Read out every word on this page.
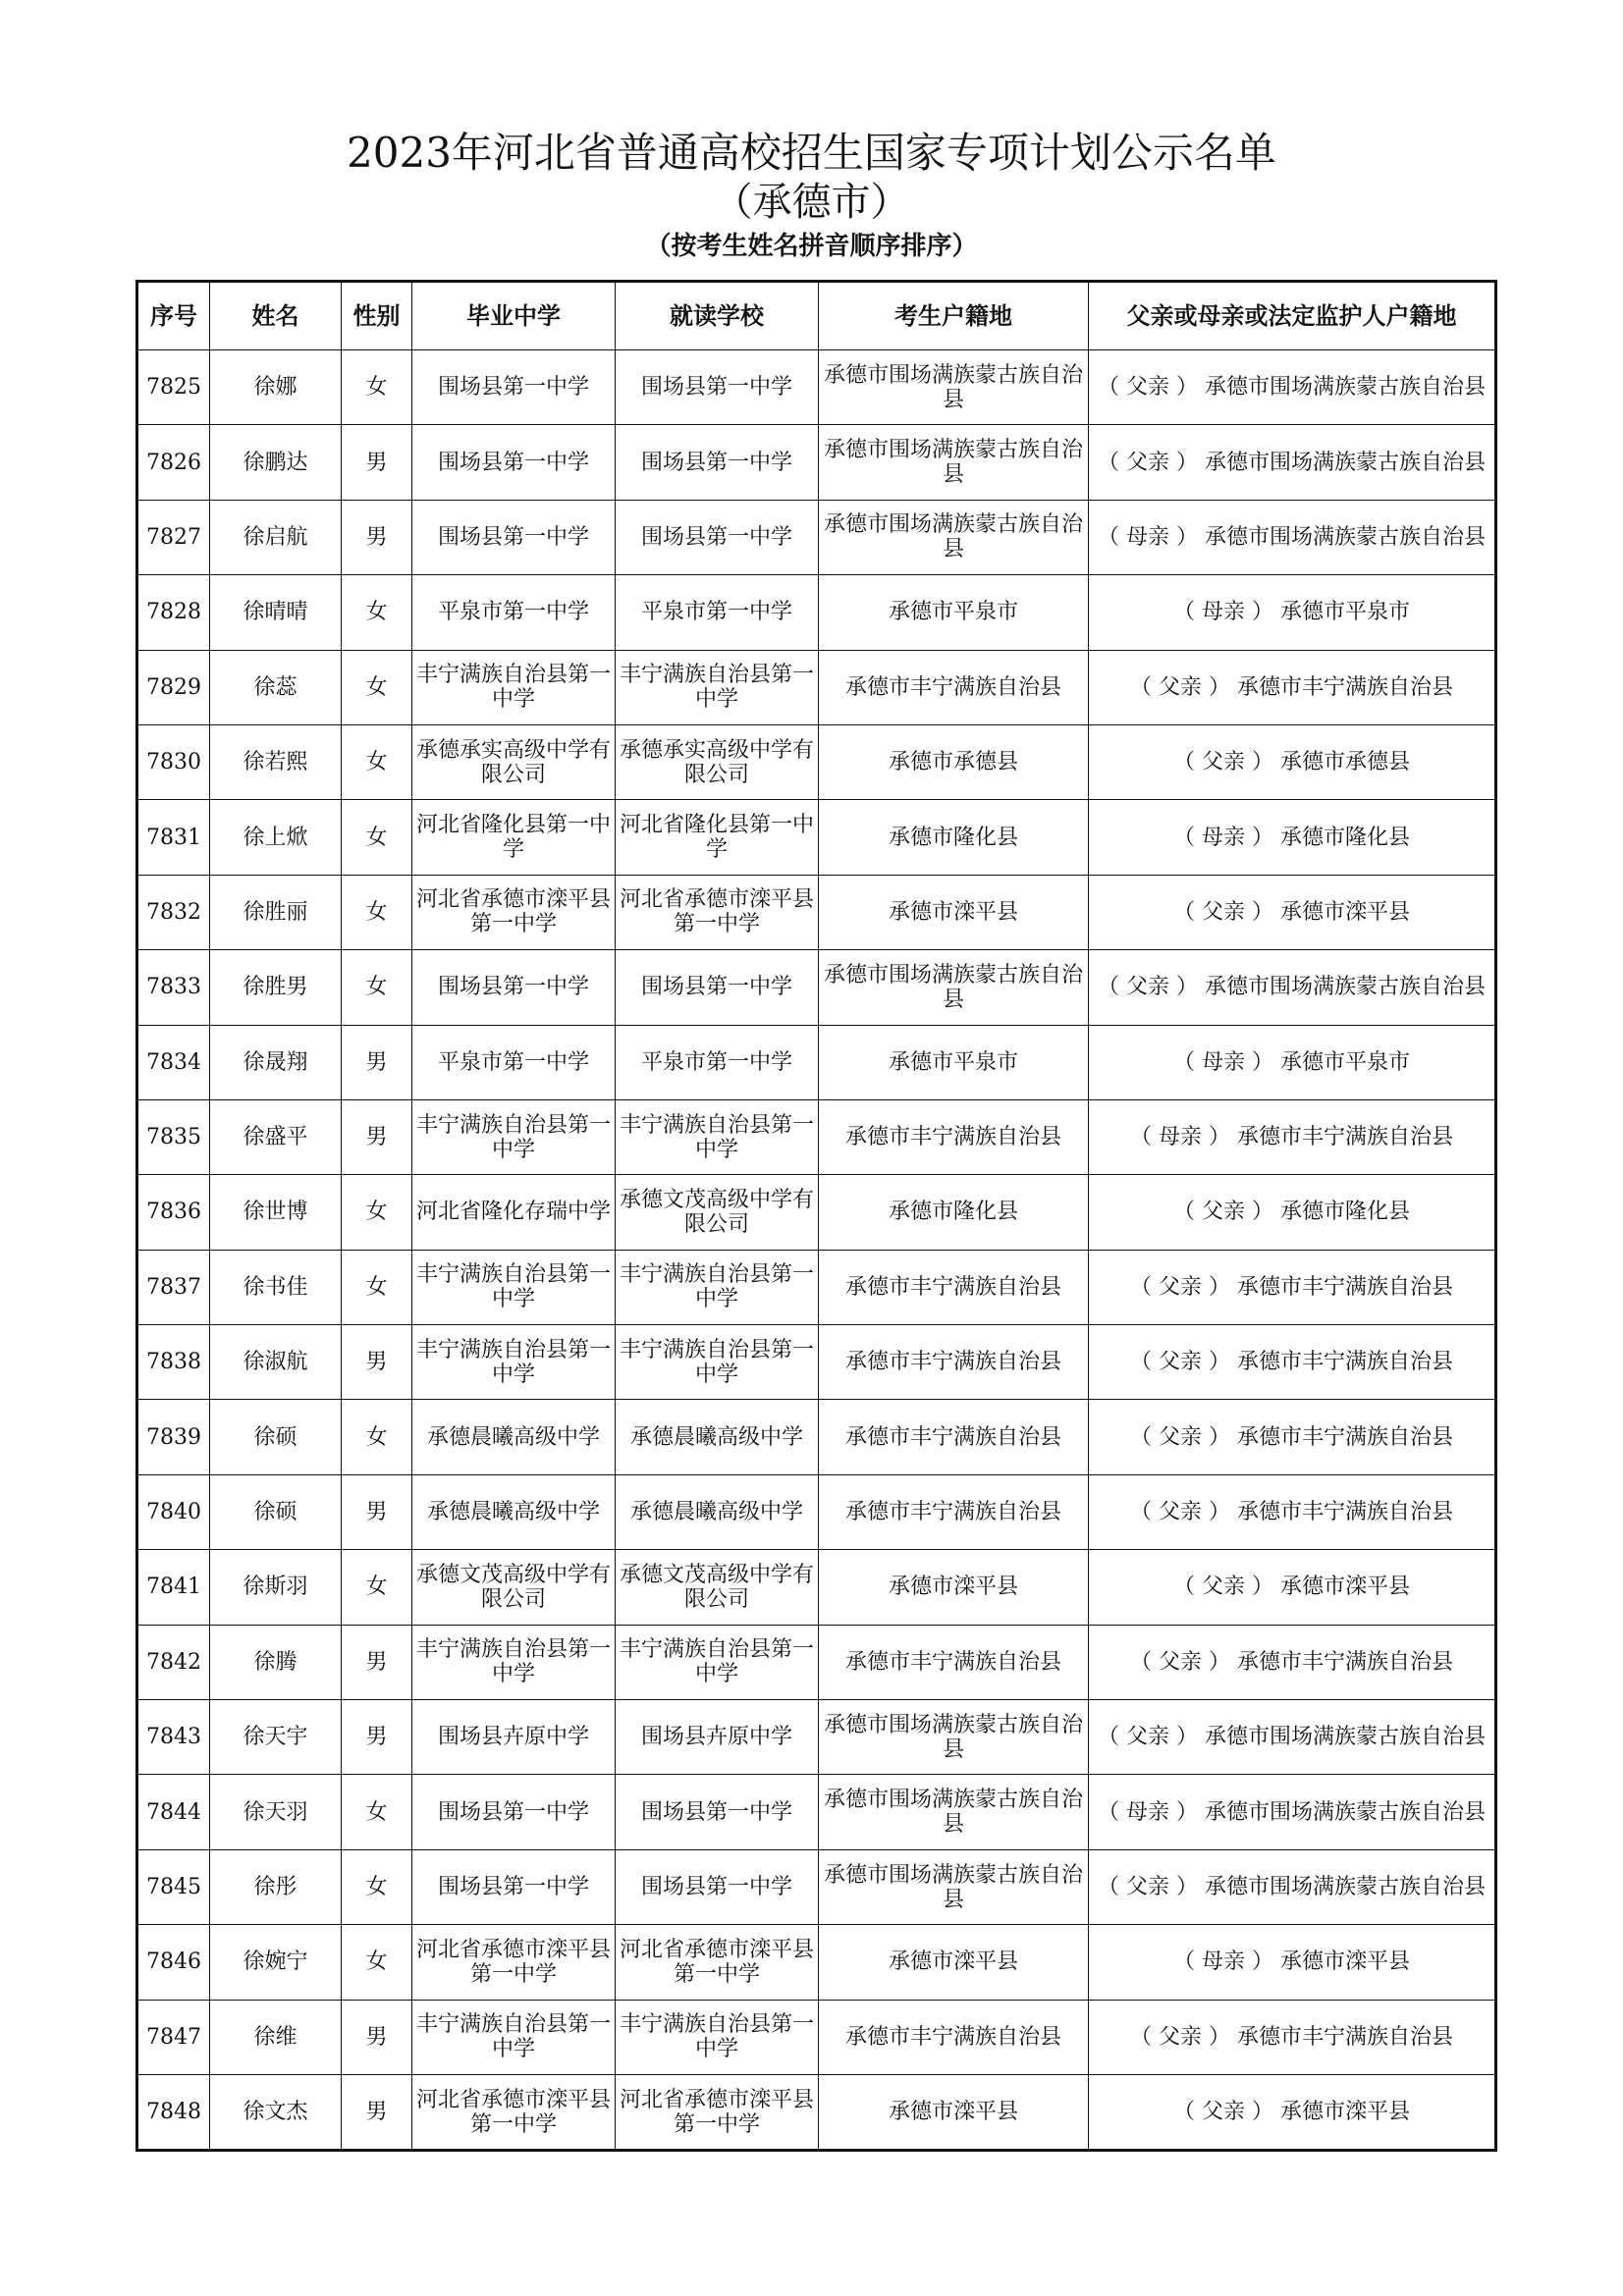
2023年河北省普通高校招生国家专项计划公示名单
（承德市）
（按考生姓名拼音顺序排序）
序号	姓名	性别	毕业中学	就读学校	考生户籍地	父亲或母亲或法定监护人户籍地
7825	徐娜	女	围场县第一中学	围场县第一中学	承德市围场满族蒙古族自治县	（ 父亲 ） 承德市围场满族蒙古族自治县
7826	徐鹏达	男	围场县第一中学	围场县第一中学	承德市围场满族蒙古族自治县	（ 父亲 ） 承德市围场满族蒙古族自治县
7827	徐启航	男	围场县第一中学	围场县第一中学	承德市围场满族蒙古族自治县	（ 母亲 ） 承德市围场满族蒙古族自治县
7828	徐晴晴	女	平泉市第一中学	平泉市第一中学	承德市平泉市	（ 母亲 ） 承德市平泉市
7829	徐蕊	女	丰宁满族自治县第一中学	丰宁满族自治县第一中学	承德市丰宁满族自治县	（ 父亲 ） 承德市丰宁满族自治县
7830	徐若熙	女	承德承实高级中学有限公司	承德承实高级中学有限公司	承德市承德县	（ 父亲 ） 承德市承德县
7831	徐上焮	女	河北省隆化县第一中学	河北省隆化县第一中学	承德市隆化县	（ 母亲 ） 承德市隆化县
7832	徐胜丽	女	河北省承德市滦平县第一中学	河北省承德市滦平县第一中学	承德市滦平县	（ 父亲 ） 承德市滦平县
7833	徐胜男	女	围场县第一中学	围场县第一中学	承德市围场满族蒙古族自治县	（ 父亲 ） 承德市围场满族蒙古族自治县
7834	徐晟翔	男	平泉市第一中学	平泉市第一中学	承德市平泉市	（ 母亲 ） 承德市平泉市
7835	徐盛平	男	丰宁满族自治县第一中学	丰宁满族自治县第一中学	承德市丰宁满族自治县	（ 母亲 ） 承德市丰宁满族自治县
7836	徐世博	女	河北省隆化存瑞中学	承德文茂高级中学有限公司	承德市隆化县	（ 父亲 ） 承德市隆化县
7837	徐书佳	女	丰宁满族自治县第一中学	丰宁满族自治县第一中学	承德市丰宁满族自治县	（ 父亲 ） 承德市丰宁满族自治县
7838	徐淑航	男	丰宁满族自治县第一中学	丰宁满族自治县第一中学	承德市丰宁满族自治县	（ 父亲 ） 承德市丰宁满族自治县
7839	徐硕	女	承德晨曦高级中学	承德晨曦高级中学	承德市丰宁满族自治县	（ 父亲 ） 承德市丰宁满族自治县
7840	徐硕	男	承德晨曦高级中学	承德晨曦高级中学	承德市丰宁满族自治县	（ 父亲 ） 承德市丰宁满族自治县
7841	徐斯羽	女	承德文茂高级中学有限公司	承德文茂高级中学有限公司	承德市滦平县	（ 父亲 ） 承德市滦平县
7842	徐腾	男	丰宁满族自治县第一中学	丰宁满族自治县第一中学	承德市丰宁满族自治县	（ 父亲 ） 承德市丰宁满族自治县
7843	徐天宇	男	围场县卉原中学	围场县卉原中学	承德市围场满族蒙古族自治县	（ 父亲 ） 承德市围场满族蒙古族自治县
7844	徐天羽	女	围场县第一中学	围场县第一中学	承德市围场满族蒙古族自治县	（ 母亲 ） 承德市围场满族蒙古族自治县
7845	徐彤	女	围场县第一中学	围场县第一中学	承德市围场满族蒙古族自治县	（ 父亲 ） 承德市围场满族蒙古族自治县
7846	徐婉宁	女	河北省承德市滦平县第一中学	河北省承德市滦平县第一中学	承德市滦平县	（ 母亲 ） 承德市滦平县
7847	徐维	男	丰宁满族自治县第一中学	丰宁满族自治县第一中学	承德市丰宁满族自治县	（ 父亲 ） 承德市丰宁满族自治县
7848	徐文杰	男	河北省承德市滦平县第一中学	河北省承德市滦平县第一中学	承德市滦平县	（ 父亲 ） 承德市滦平县
